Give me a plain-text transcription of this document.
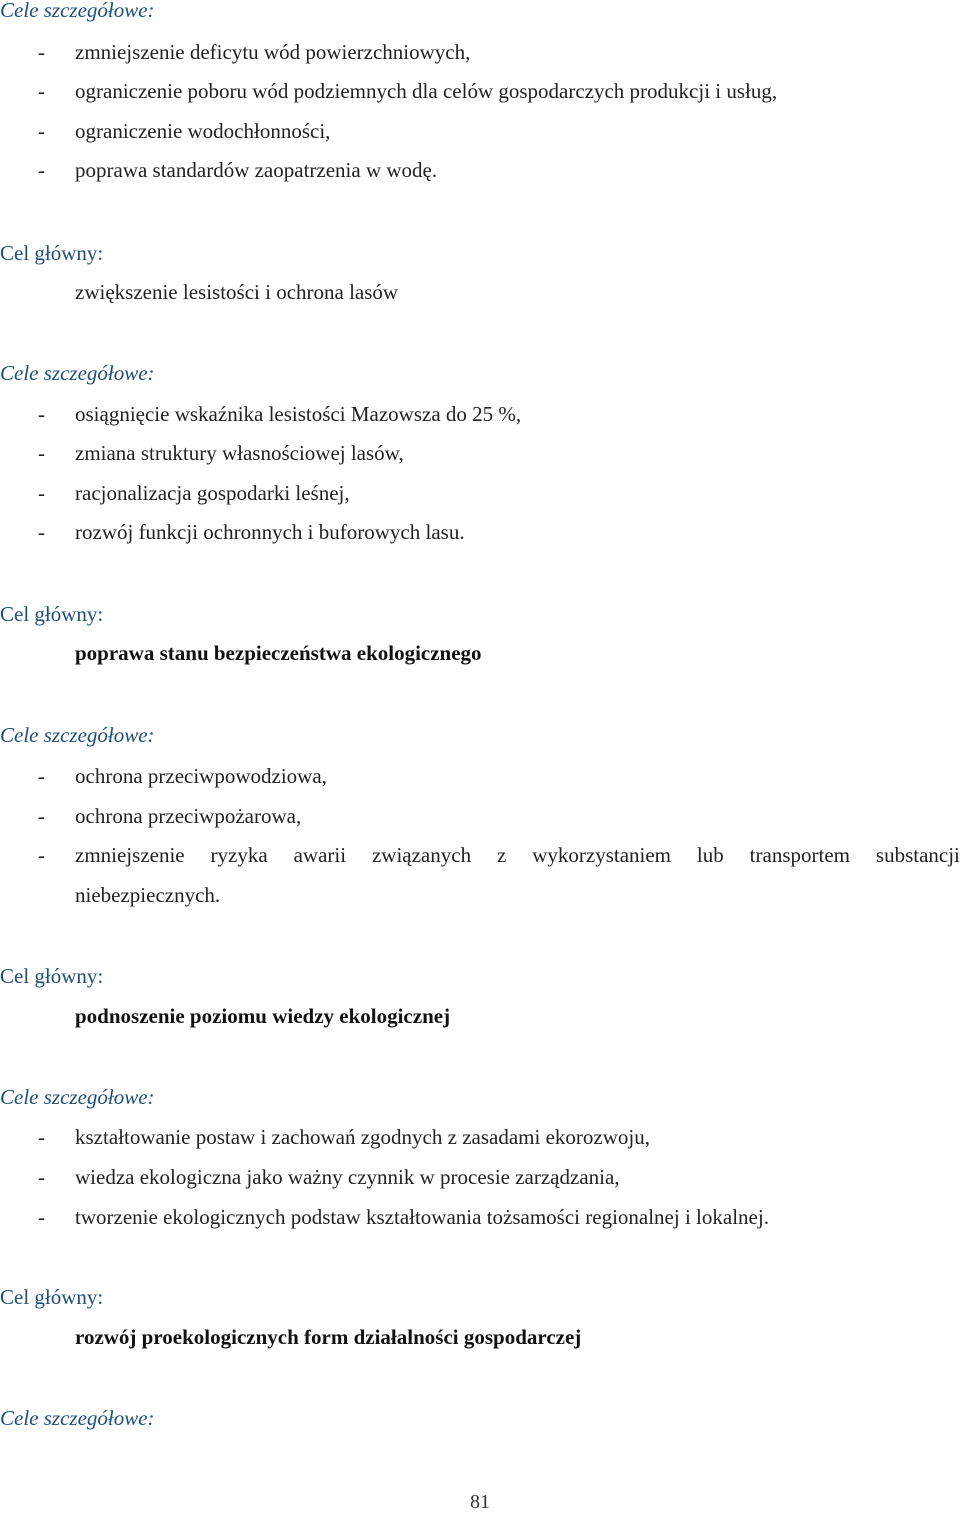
Cele szczegółowe:
- zmniejszenie deficytu wód powierzchniowych,
- ograniczenie poboru wód podziemnych dla celów gospodarczych produkcji i usług,
- ograniczenie wodochłonności,
- poprawa standardów zaopatrzenia w wodę.
Cel główny:
zwiększenie lesistości i ochrona lasów
Cele szczegółowe:
- osiągnięcie wskaźnika lesistości Mazowsza do 25 %,
- zmiana struktury własnościowej lasów,
- racjonalizacja gospodarki leśnej,
- rozwój funkcji ochronnych i buforowych lasu.
Cel główny:
poprawa stanu bezpieczeństwa ekologicznego
Cele szczegółowe:
- ochrona przeciwpowodziowa,
- ochrona przeciwpożarowa,
- zmniejszenie ryzyka awarii związanych z wykorzystaniem lub transportem substancji
niebezpiecznych.
Cel główny:
podnoszenie poziomu wiedzy ekologicznej
Cele szczegółowe:
- kształtowanie postaw i zachowań zgodnych z zasadami ekorozwoju,
- wiedza ekologiczna jako ważny czynnik w procesie zarządzania,
- tworzenie ekologicznych podstaw kształtowania tożsamości regionalnej i lokalnej.
Cel główny:
rozwój proekologicznych form działalności gospodarczej
Cele szczegółowe:
81
